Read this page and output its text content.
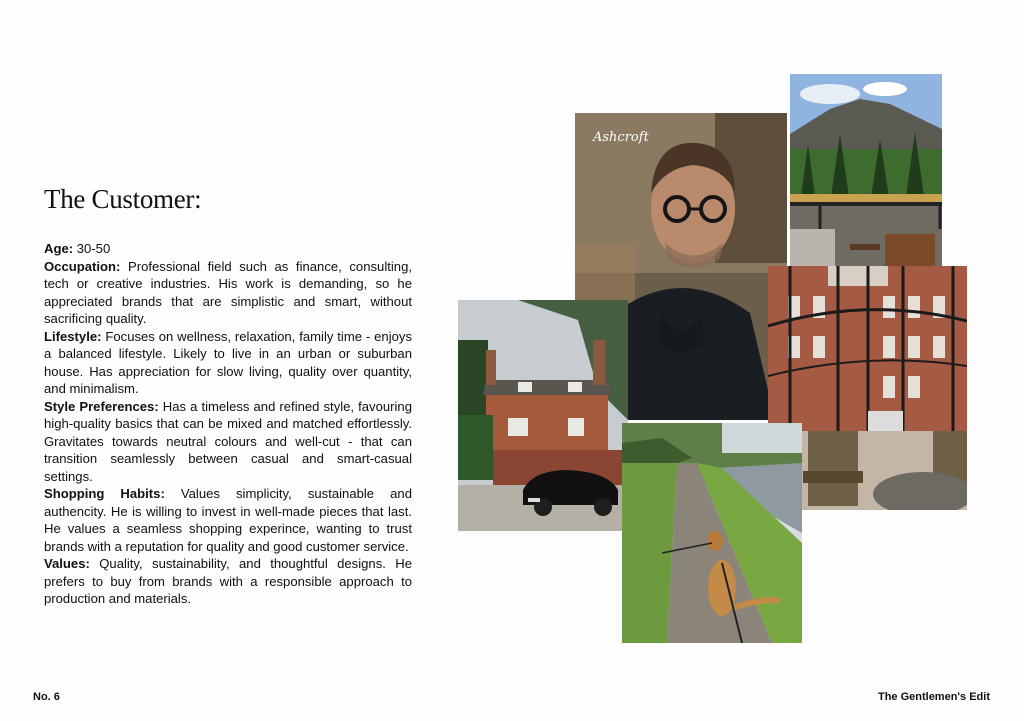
The Customer:

Age: 30-50

Occupation: Professional field such as finance, consulting, tech or creative industries. His work is demanding, so he appreciated brands that are simplistic and smart, without sacrificing quality.

Lifestyle: Focuses on wellness, relaxation, family time - enjoys a balanced lifestyle. Likely to live in an urban or suburban house. Has appreciation for slow living, quality over quantity, and minimalism.

Style Preferences: Has a timeless and refined style, favouring high-quality basics that can be mixed and matched effortlessly. Gravitates towards neutral colours and well-cut - that can transition seamlessly between casual and smart-casual settings.

Shopping Habits: Values simplicity, sustainable and authencity. He is willing to invest in well-made pieces that last. He values a seamless shopping experince, wanting to trust brands with a reputation for quality and good customer service.

Values: Quality, sustainability, and thoughtful designs. He prefers to buy from brands with a responsible approach to production and materials.

Ashcroft
No. 6	The Gentlemen's Edit
